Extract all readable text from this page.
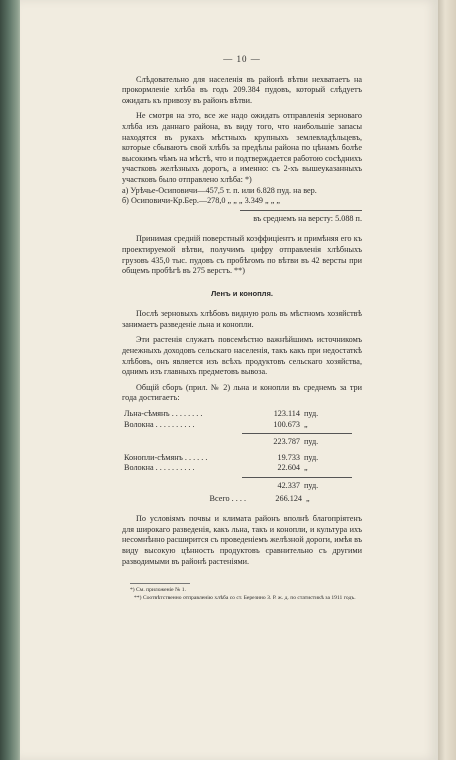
— 10 —

Слѣдовательно для населенія въ районѣ вѣтви нехватаетъ на прокормленіе хлѣба въ годъ 209.384 пудовъ, который слѣдуетъ ожидать къ привозу въ районъ вѣтви.

Не смотря на это, все же надо ожидать отправленія зерноваго хлѣба изъ даннаго района, въ виду того, что наибольшіе запасы находятся въ рукахъ мѣстныхъ крупныхъ землевладѣльцевъ, которые сбываютъ свой хлѣбъ за предѣлы района по цѣнамъ болѣе высокимъ чѣмъ на мѣстѣ, что и подтверждается работою сосѣднихъ участковъ желѣзныхъ дорогъ, а именно: съ 2-хъ вышеуказанныхъ участковъ было отправлено хлѣба: *)

а) Урѣчье-Осиповичи—457,5 т. п. или 6.828 пуд. на вер.
б) Осиповичи-Кр.Бер.—278,0 „ „ „ 3.349 „ „ „
въ среднемъ на версту: 5.088 п.

Принимая средній поверстный коэффиціентъ и примѣняя его къ проектируемой вѣтви, получимъ цифру отправленія хлѣбныхъ грузовъ 435,0 тыс. пудовъ съ пробѣгомъ по вѣтви въ 42 версты при общемъ пробѣгѣ въ 275 верстъ. **)

Ленъ и конопля.

Послѣ зерновыхъ хлѣбовъ видную роль въ мѣстномъ хозяйствѣ занимаетъ разведеніе льна и конопли.

Эти растенія служатъ повсемѣстно важнѣйшимъ источникомъ денежныхъ доходовъ сельскаго населенія, такъ какъ при недостаткѣ хлѣбовъ, онъ является изъ всѣхъ продуктовъ сельскаго хозяйства, однимъ изъ главныхъ предметовъ вывоза.

Общій сборъ (прил. № 2) льна и конопли въ среднемъ за три года достигаетъ:

Льна-сѣмянъ . . . . . . . .	123.114 пуд.
Волокна . . . . . . . . . .	100.673 „
223.787 пуд.
Конопли-сѣмянъ . . . . . .	19.733 пуд.
Волокна . . . . . . . . . .	22.604 „
42.337 пуд.
Всего . . . .	266.124 „

По условіямъ почвы и климата районъ вполнѣ благопріятенъ для широкаго разведенія, какъ льна, такъ и конопли, и культура ихъ несомнѣнно расширится съ проведеніемъ желѣзной дороги, имѣя въ виду высокую цѣнность продуктовъ сравнительно съ другими разводимыми въ районѣ растеніями.

*) См. приложеніе № 1.
**) Соотвѣтственно отправленію хлѣба со ст. Березино З. Р. ж. д. по статистикѣ за 1911 годъ.
